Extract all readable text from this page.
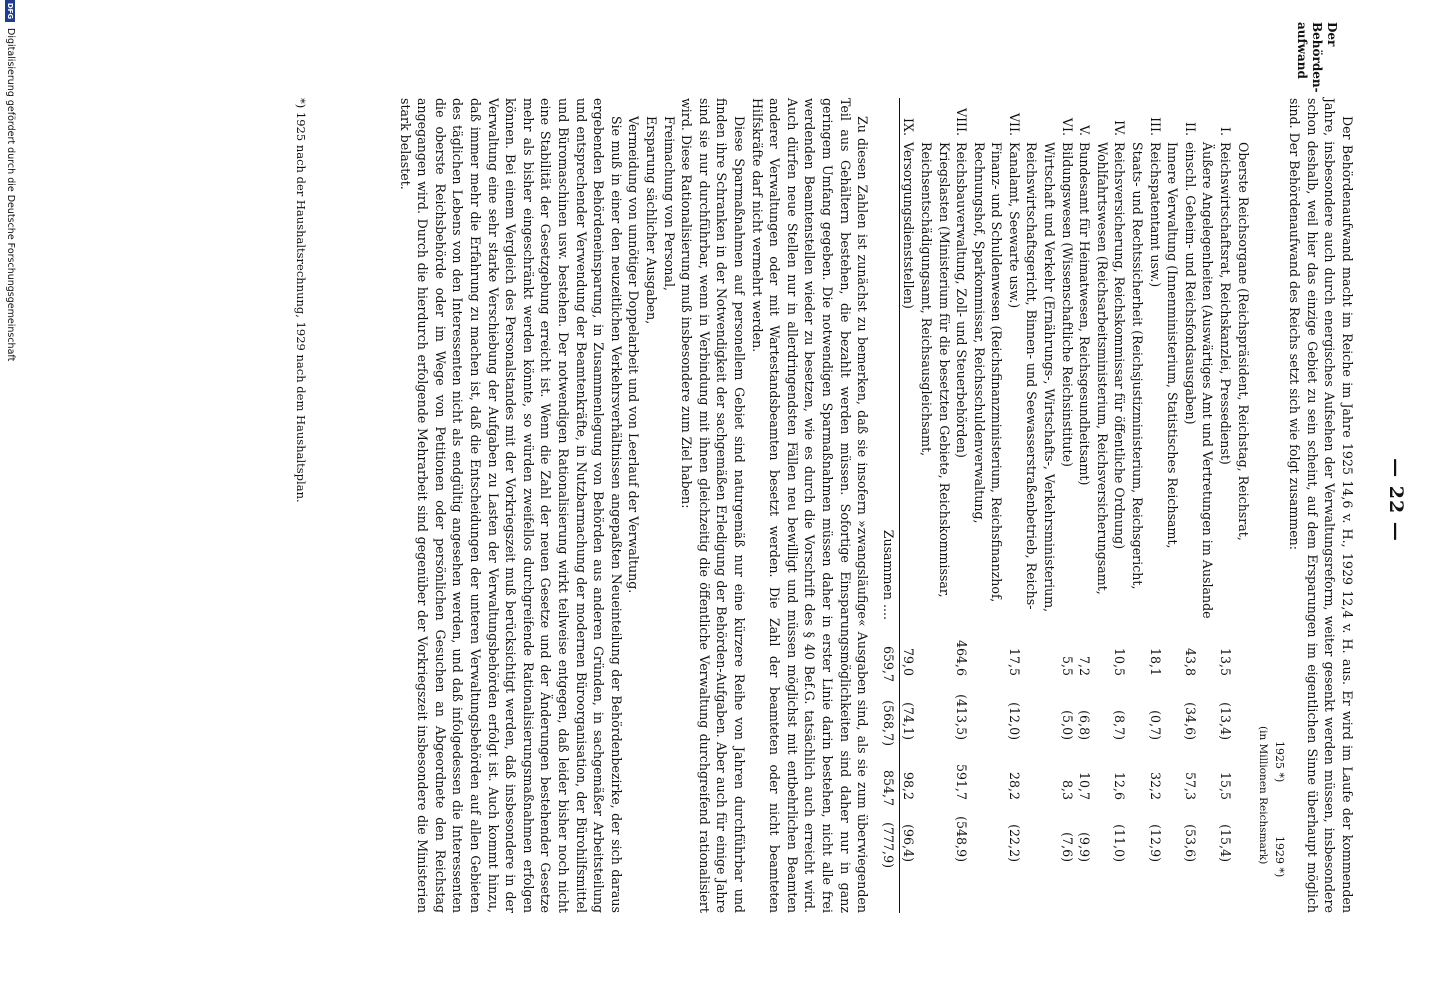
— 22 —
Der Behörden- aufwand

Der Behördenaufwand macht im Reiche im Jahre 1925 14,6 v. H., 1929 12,4 v. H. aus. Er wird im Laufe der kommenden Jahre, insbesondere auch durch energisches Aufsehen der Verwaltungsreform, weiter gesenkt werden müssen, insbesondere schon deshalb, weil hier das einzige Gebiet zu sein scheint, auf dem Ersparungen im eigentlichen Sinne überhaupt möglich sind. Der Behördenaufwand des Reichs setzt sich wie folgt zusammen:

1925 *)
1929 *)
(in Millionen Reichsmark)
I.
Oberste Reichsorgane (Reichspräsident, Reichstag, Reichsrat, Reichswirtschaftsrat, Reichskanzlei, Pressedienst)
13,5
(13,4)
15,5
(15,4)
II.
Äußere Angelegenheiten (Auswärtiges Amt und Vertretungen im Auslande einschl. Geheim- und Reichsfondsausgaben)
43,8
(34,6)
57,3
(53,6)
III.
Innere Verwaltung (Innenministerium, Statistisches Reichsamt, Reichspatentamt usw.)
18,1
(0,7)
32,2
(12,9)
IV.
Staats- und Rechtssicherheit (Reichsjustizministerium, Reichsgericht, Reichsversicherung, Reichskommissar für öffentliche Ordnung)
10,5
(8,7)
12,6
(11,0)
V.
Wohlfahrtswesen (Reichsarbeitsministerium, Reichsversicherungsamt, Bundesamt für Heimatwesen, Reichsgesundheitsamt)
7,2
(6,8)
10,7
(9,9)
VI.
Bildungswesen (Wissenschaftliche Reichsinstitute)
5,5
(5,0)
8,3
(7,6)
VII.
Wirtschaft und Verkehr (Ernährungs-, Wirtschafts-, Verkehrsministerium, Reichswirtschaftsgericht, Binnen- und Seewasserstraßenbetrieb, Reichs-Kanalamt, Seewarte usw.)
17,5
(12,0)
28,2
(22,2)
VIII.
Finanz- und Schuldenwesen (Reichsfinanzministerium, Reichsfinanzhof, Rechnungshof, Sparkommissar, Reichsschuldenverwaltung, Reichsbauverwaltung, Zoll- und Steuerbehörden)
464,6
(413,5)
591,7
(548,9)
IX.
Kriegslasten (Ministerium für die besetzten Gebiete, Reichskommissar, Reichsentschädigungsamt, Reichsausgleichsamt, Versorgungsdienststellen)
79,0
(74,1)
98,2
(96,4)
Zusammen ....
659,7
(568,7)
854,7
(777,9)

Zu diesen Zahlen ist zunächst zu bemerken, daß sie insofern »zwangsläufige« Ausgaben sind, als sie zum überwiegenden Teil aus Gehältern bestehen, die bezahlt werden müssen. Sofortige Einsparungsmöglichkeiten sind daher nur in ganz geringem Umfang gegeben. Die notwendigen Sparmaßnahmen müssen daher in erster Linie darin bestehen, nicht alle frei werdenden Beamtenstellen wieder zu besetzen, wie es durch die Vorschrift des § 40 Bef.G. tatsächlich auch erreicht wird. Auch dürfen neue Stellen nur in allerdringendsten Fällen neu bewilligt und müssen möglichst mit entbehrlichen Beamten anderer Verwaltungen oder mit Wartestandsbeamten besetzt werden. Die Zahl der beamteten oder nicht beamteten Hilfskräfte darf nicht vermehrt werden.

Diese Sparmaßnahmen auf personellem Gebiet sind naturgemäß nur eine kürzere Reihe von Jahren durchführbar und finden ihre Schranken in der Notwendigkeit der sachgemäßen Erledigung der Behörden-Aufgaben. Aber auch für einige Jahre sind sie nur durchführbar, wenn in Verbindung mit ihnen gleichzeitig die öffentliche Verwaltung durchgreifend rationalisiert wird. Diese Rationalisierung muß insbesondere zum Ziel haben:

Freimachung von Personal,

Ersparung sächlicher Ausgaben,

Vermeidung von unnötiger Doppelarbeit und von Leerlauf der Verwaltung.

Sie muß in einer den neuzeitlichen Verkehrsverhältnissen angepaßten Neueinteilung der Behördenbezirke, der sich daraus ergebenden Behördeneinsparung, in Zusammenlegung von Behörden aus anderen Gründen, in sachgemäßer Arbeitsteilung und entsprechender Verwendung der Beamtenkräfte, in Nutzbarmachung der modernen Büroorganisation, der Bürohilfsmittel und Büromaschinen usw. bestehen. Der notwendigen Rationalisierung wirkt teilweise entgegen, daß leider bisher noch nicht eine Stabilität der Gesetzgebung erreicht ist. Wenn die Zahl der neuen Gesetze und der Änderungen bestehender Gesetze mehr als bisher eingeschränkt werden könnte, so würden zweifellos durchgreifende Rationalisierungsmaßnahmen erfolgen können. Bei einem Vergleich des Personalstandes mit der Vorkriegszeit muß berücksichtigt werden, daß insbesondere in der Verwaltung eine sehr starke Verschiebung der Aufgaben zu Lasten der Verwaltungsbehörden erfolgt ist. Auch kommt hinzu, daß immer mehr die Erfahrung zu machen ist, daß die Entscheidungen der unteren Verwaltungsbehörden auf allen Gebieten des täglichen Lebens von den Interessenten nicht als endgültig angesehen werden, und daß infolgedessen die Interessenten die oberste Reichsbehörde oder im Wege von Petitionen oder persönlichen Gesuchen an Abgeordnete den Reichstag angegangen wird. Durch die hierdurch erfolgende Mehrarbeit sind gegenüber der Vorkriegszeit insbesondere die Ministerien stark belastet.

*) 1925 nach der Haushaltsrechnung, 1929 nach dem Haushaltsplan.
DFG
Digitalisierung gefördert durch die Deutsche Forschungsgemeinschaft
